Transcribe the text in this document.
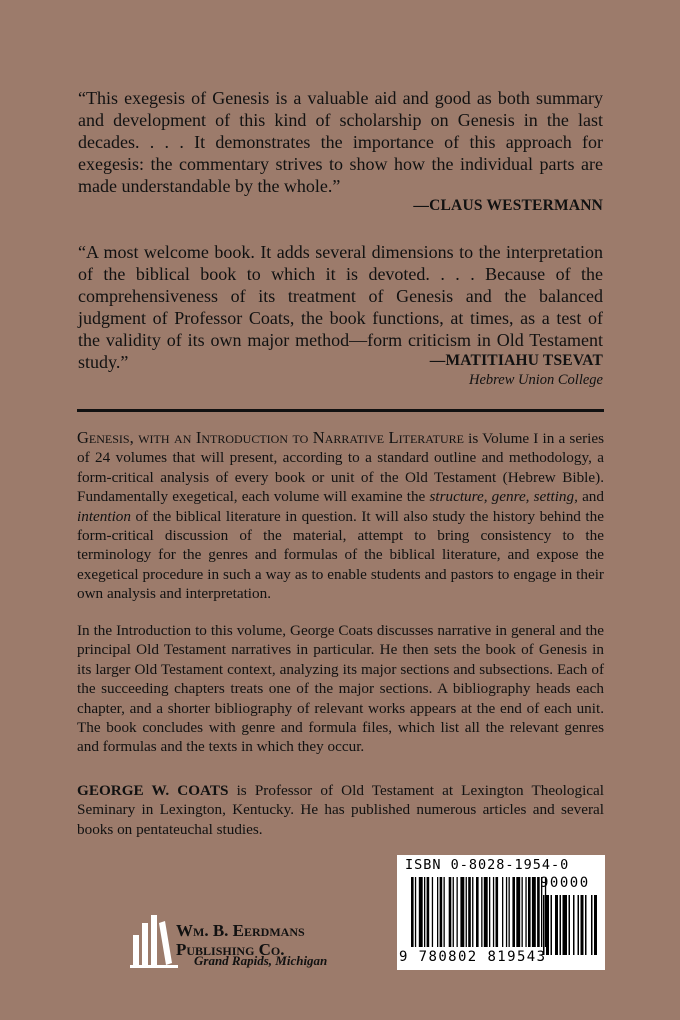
“This exegesis of Genesis is a valuable aid and good as both summary and development of this kind of scholarship on Genesis in the last decades. . . . It demonstrates the importance of this approach for exegesis: the commentary strives to show how the individual parts are made understandable by the whole.”
—CLAUS WESTERMANN
“A most welcome book. It adds several dimensions to the interpretation of the biblical book to which it is devoted. . . . Because of the comprehensiveness of its treatment of Genesis and the balanced judgment of Professor Coats, the book functions, at times, as a test of the validity of its own major method—form criticism in Old Testament study.”	—MATITIAHU TSEVAT
Hebrew Union College
Genesis, with an Introduction to Narrative Literature is Volume I in a series of 24 volumes that will present, according to a standard outline and methodology, a form-critical analysis of every book or unit of the Old Testament (Hebrew Bible). Fundamentally exegetical, each volume will examine the structure, genre, setting, and intention of the biblical literature in question. It will also study the history behind the form-critical discussion of the material, attempt to bring consistency to the terminology for the genres and formulas of the biblical literature, and expose the exegetical procedure in such a way as to enable students and pastors to engage in their own analysis and interpretation.
In the Introduction to this volume, George Coats discusses narrative in general and the principal Old Testament narratives in particular. He then sets the book of Genesis in its larger Old Testament context, analyzing its major sections and subsections. Each of the succeeding chapters treats one of the major sections. A bibliography heads each chapter, and a shorter bibliography of relevant works appears at the end of each unit. The book concludes with genre and formula files, which list all the relevant genres and formulas and the texts in which they occur.
GEORGE W. COATS is Professor of Old Testament at Lexington Theological Seminary in Lexington, Kentucky. He has published numerous articles and several books on pentateuchal studies.
Wm. B. Eerdmans
Publishing Co.
Grand Rapids, Michigan
ISBN 0-8028-1954-0
90000
9 780802 819543
